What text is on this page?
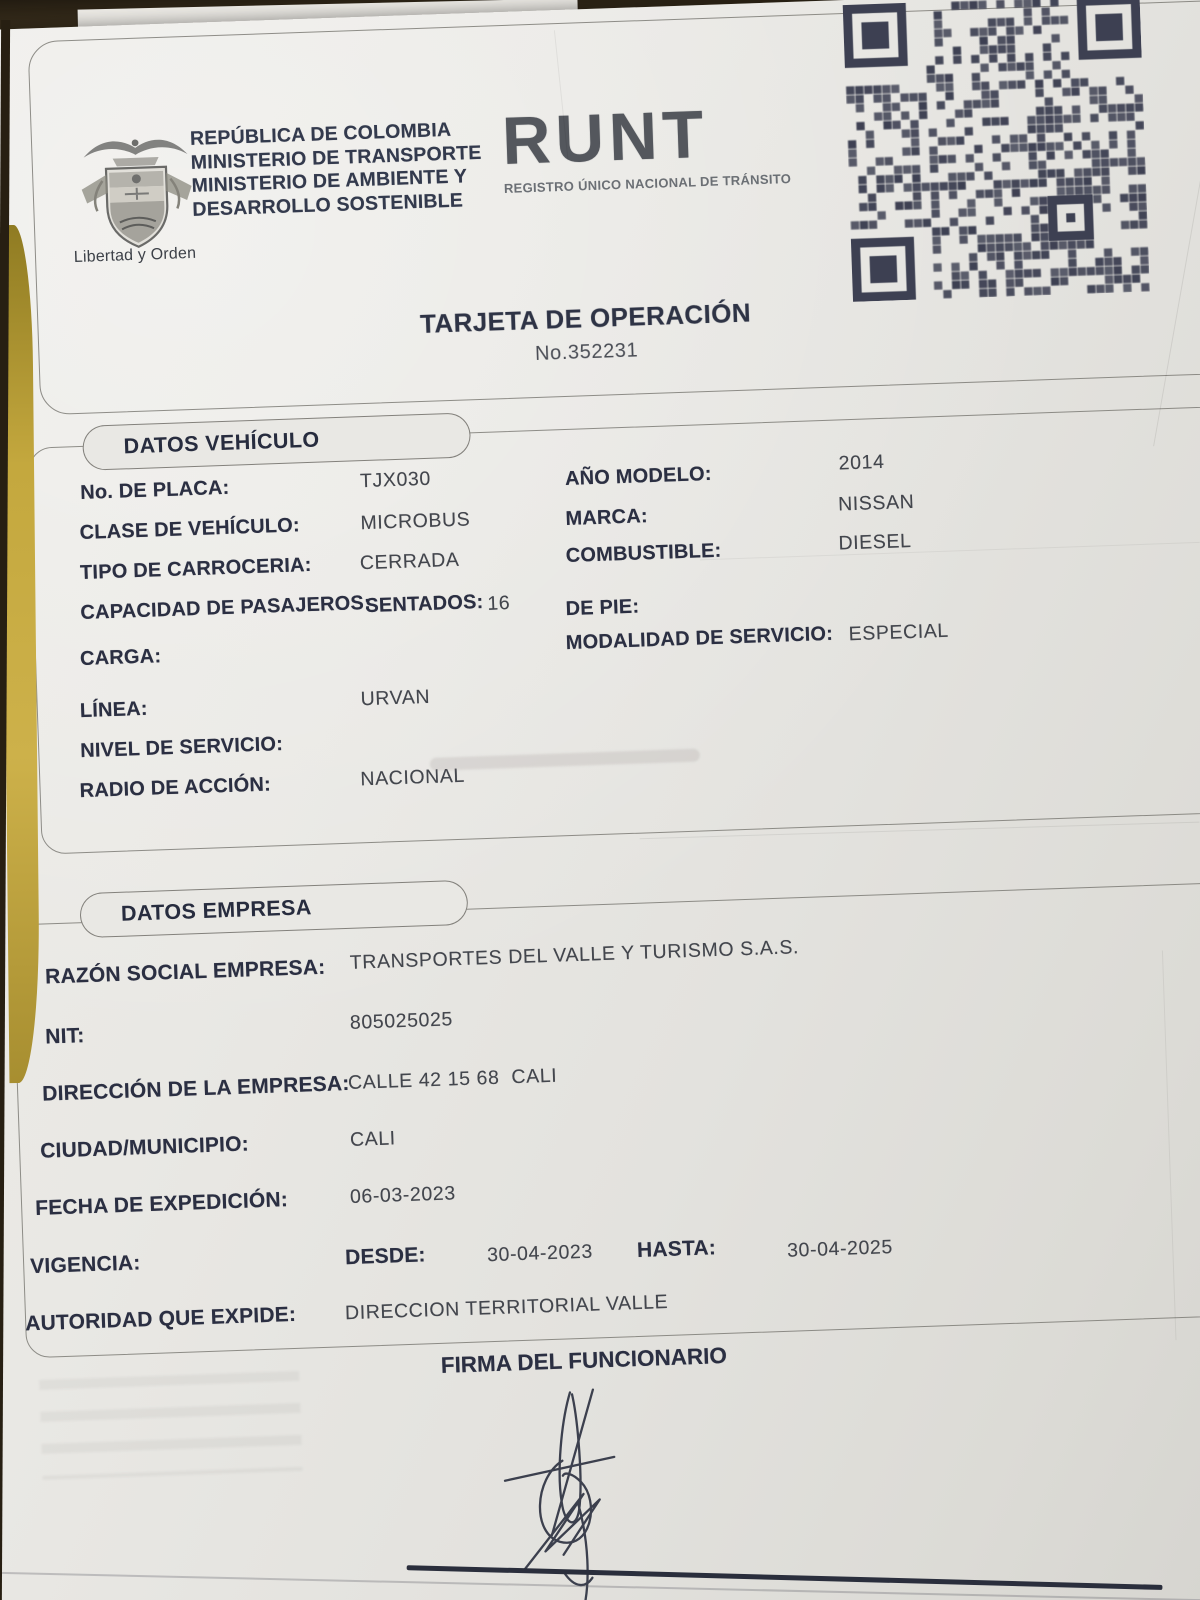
Libertad y Orden
REPÚBLICA DE COLOMBIA
MINISTERIO DE TRANSPORTE
MINISTERIO DE AMBIENTE Y
DESARROLLO SOSTENIBLE
RUNT
REGISTRO ÚNICO NACIONAL DE TRÁNSITO
TARJETA DE OPERACIÓN
No.352231
DATOS VEHÍCULO
No. DE PLACA:	TJX030
CLASE DE VEHÍCULO:	MICROBUS
TIPO DE CARROCERIA: CERRADA
CAPACIDAD DE PASAJEROS:
SENTADOS: 16
CARGA:
LÍNEA:	URVAN
NIVEL DE SERVICIO:
RADIO DE ACCIÓN:	NACIONAL
AÑO MODELO:
2014
MARCA:
NISSAN
COMBUSTIBLE:	DIESEL
DE PIE:
MODALIDAD DE SERVICIO: ESPECIAL
DATOS EMPRESA
RAZÓN SOCIAL EMPRESA: TRANSPORTES DEL VALLE Y TURISMO S.A.S.
NIT:
805025025
DIRECCIÓN DE LA EMPRESA:
CALLE 42 15 68  CALI
CIUDAD/MUNICIPIO:	CALI
FECHA DE EXPEDICIÓN:	06-03-2023
VIGENCIA:	DESDE:	30-04-2023 HASTA:	30-04-2025
AUTORIDAD QUE EXPIDE: DIRECCION TERRITORIAL VALLE
FIRMA DEL FUNCIONARIO
